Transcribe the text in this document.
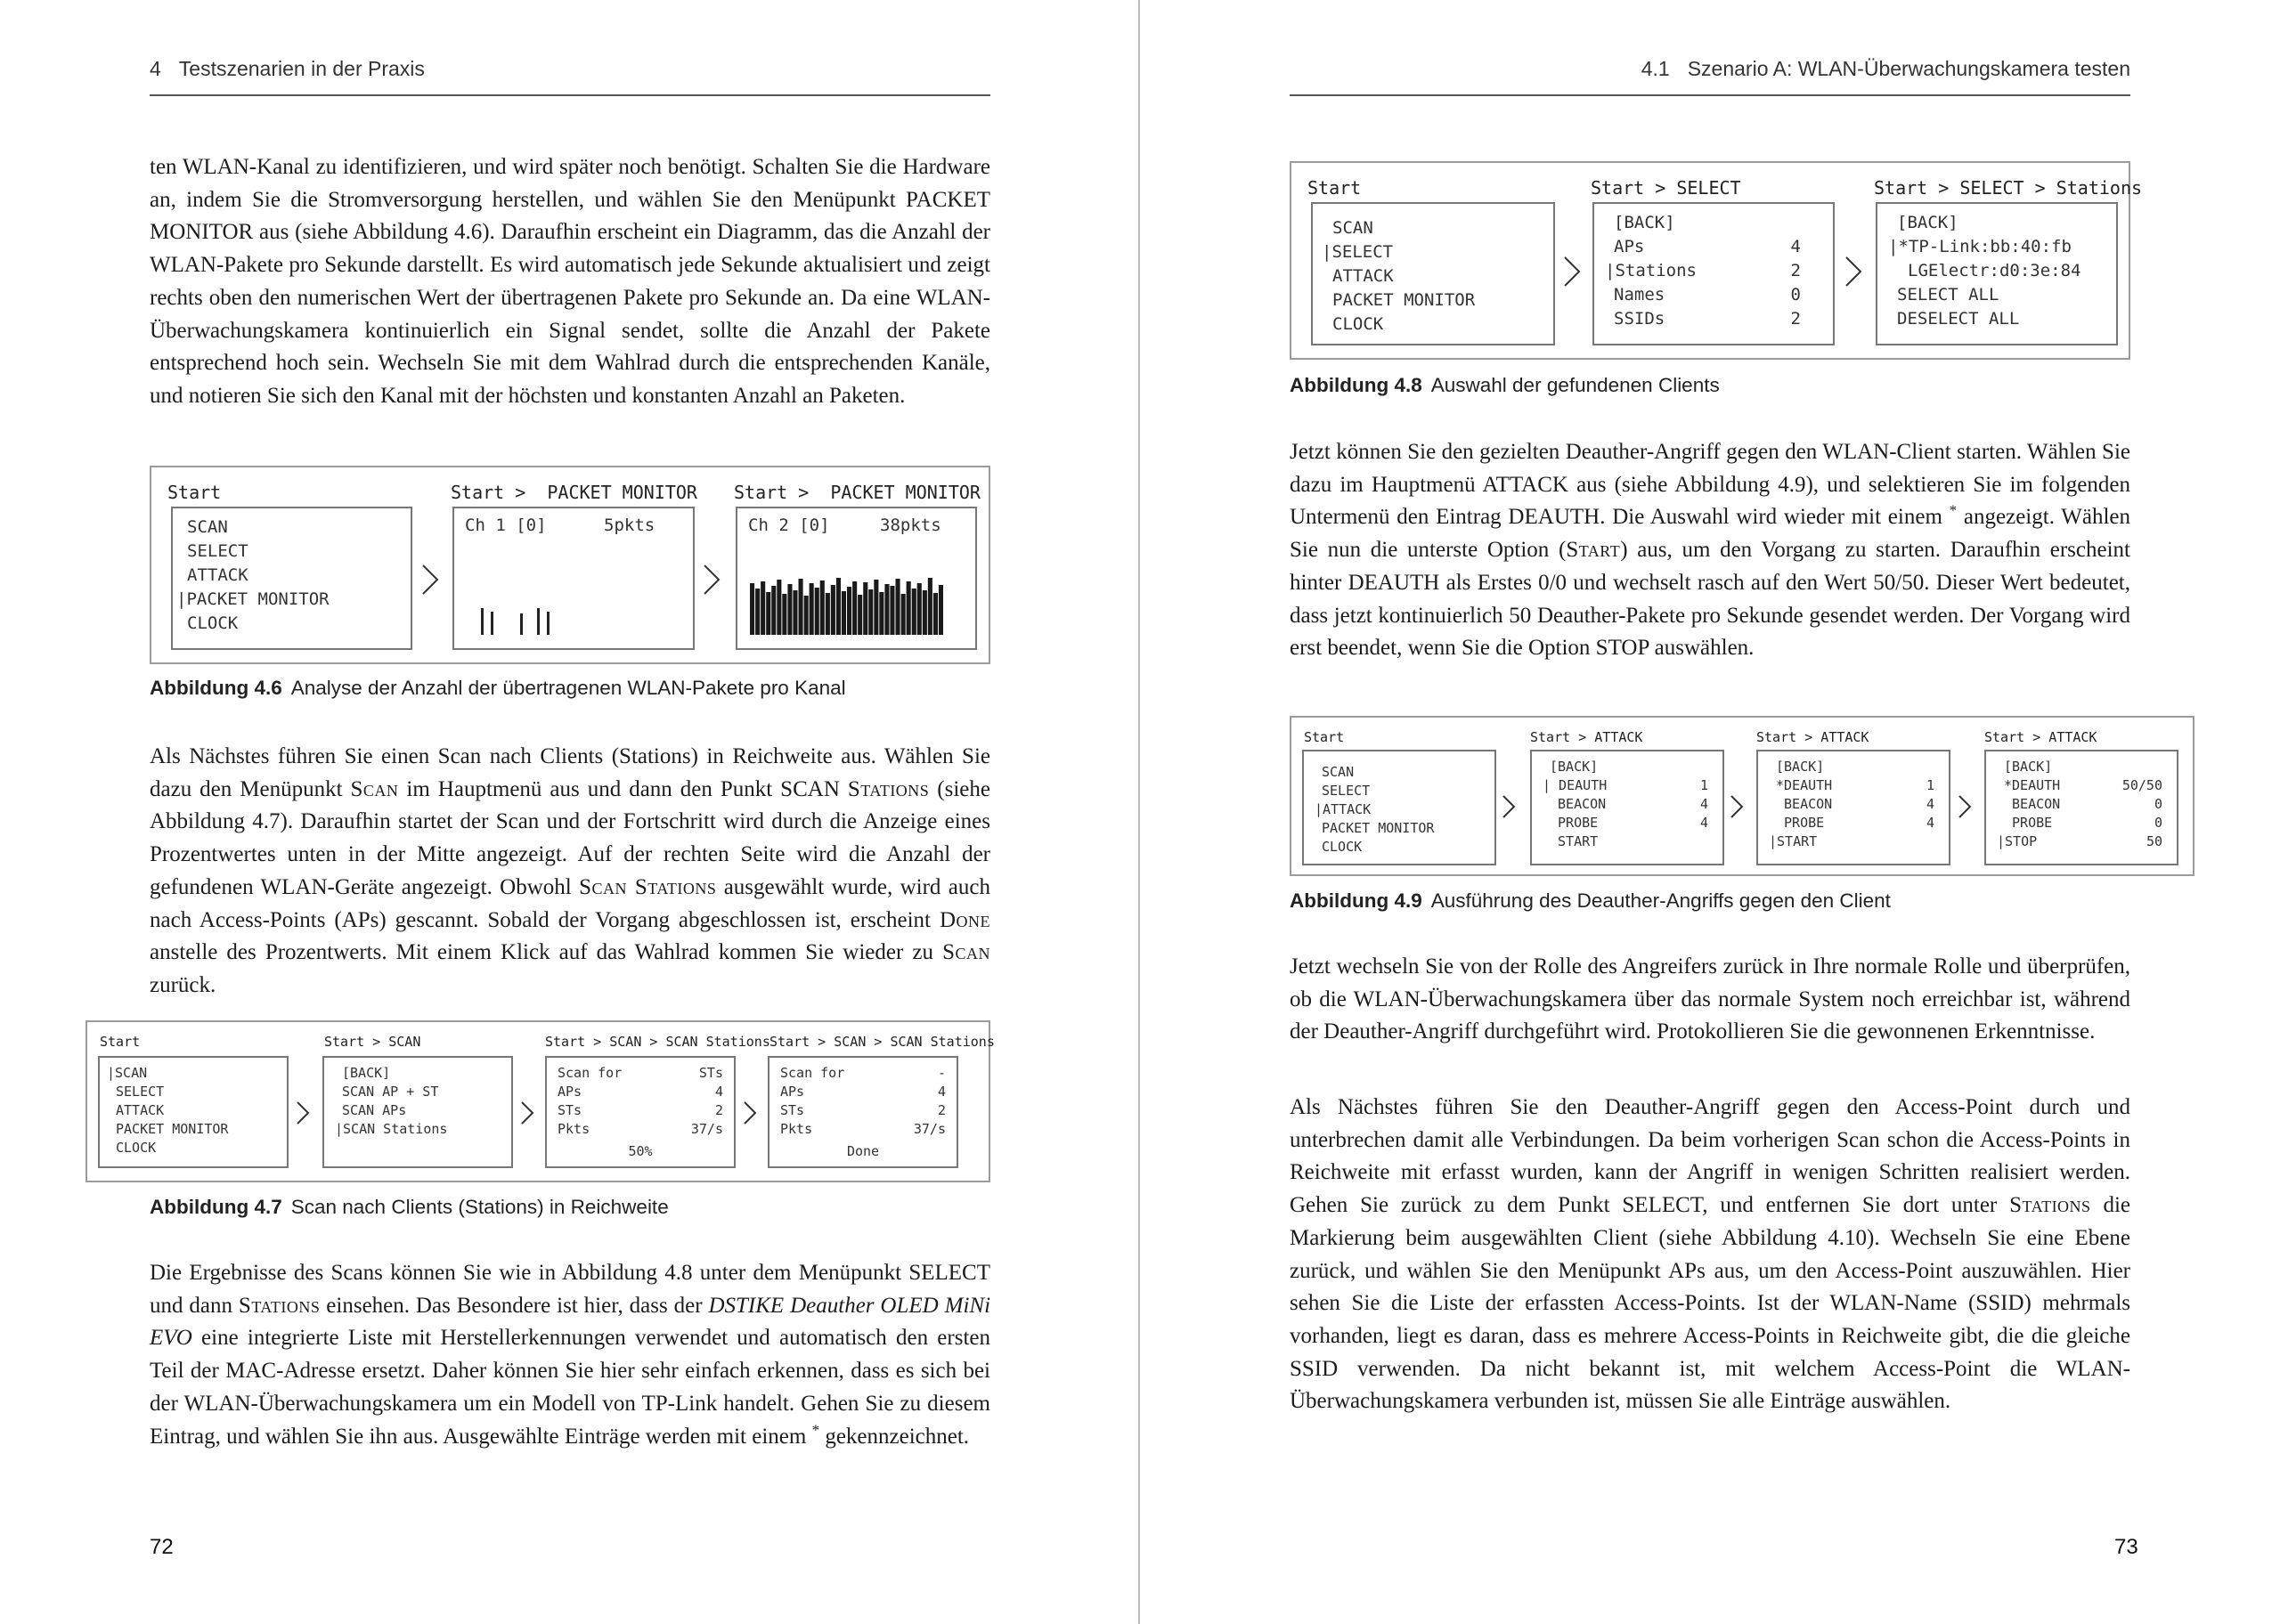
4 Testszenarien in der Praxis

ten WLAN-Kanal zu identifizieren, und wird später noch benötigt. Schalten Sie die Hardware an, indem Sie die Stromversorgung herstellen, und wählen Sie den Menüpunkt PACKET MONITOR aus (siehe Abbildung 4.6). Daraufhin erscheint ein Diagramm, das die Anzahl der WLAN-Pakete pro Sekunde darstellt. Es wird automatisch jede Sekunde aktualisiert und zeigt rechts oben den numerischen Wert der übertragenen Pakete pro Sekunde an. Da eine WLAN-Überwachungskamera kontinuierlich ein Signal sendet, sollte die Anzahl der Pakete entsprechend hoch sein. Wechseln Sie mit dem Wahlrad durch die entsprechenden Kanäle, und notieren Sie sich den Kanal mit der höchsten und konstanten Anzahl an Paketen.

Start
SCAN
SELECT
ATTACK
|PACKET MONITOR
CLOCK
Start >  PACKET MONITOR
Ch 1 [0]	5pkts
Start >  PACKET MONITOR
Ch 2 [0]	38pkts
Abbildung 4.6 Analyse der Anzahl der übertragenen WLAN-Pakete pro Kanal

Als Nächstes führen Sie einen Scan nach Clients (Stations) in Reichweite aus. Wählen Sie dazu den Menüpunkt Scan im Hauptmenü aus und dann den Punkt SCAN Stations (siehe Abbildung 4.7). Daraufhin startet der Scan und der Fortschritt wird durch die Anzeige eines Prozentwertes unten in der Mitte angezeigt. Auf der rechten Seite wird die Anzahl der gefundenen WLAN-Geräte angezeigt. Obwohl Scan Stations ausgewählt wurde, wird auch nach Access-Points (APs) gescannt. Sobald der Vorgang abgeschlossen ist, erscheint Done anstelle des Prozentwerts. Mit einem Klick auf das Wahlrad kommen Sie wieder zu Scan zurück.

Start
|SCAN
SELECT
ATTACK
PACKET MONITOR
CLOCK
Start > SCAN
[BACK]
SCAN AP + ST
SCAN APs
|SCAN Stations
Start > SCAN > SCAN Stations
Scan for	STs
APs	4
STs	2
Pkts	37/s
50%
Start > SCAN > SCAN Stations
Scan for	-
APs	4
STs	2
Pkts	37/s
Done
Abbildung 4.7 Scan nach Clients (Stations) in Reichweite

Die Ergebnisse des Scans können Sie wie in Abbildung 4.8 unter dem Menüpunkt SELECT und dann Stations einsehen. Das Besondere ist hier, dass der DSTIKE Deauther OLED MiNi EVO eine integrierte Liste mit Herstellerkennungen verwendet und automatisch den ersten Teil der MAC-Adresse ersetzt. Daher können Sie hier sehr einfach erkennen, dass es sich bei der WLAN-Überwachungskamera um ein Modell von TP-Link handelt. Gehen Sie zu diesem Eintrag, und wählen Sie ihn aus. Ausgewählte Einträge werden mit einem * gekennzeichnet.

72
4.1 Szenario A: WLAN-Überwachungskamera testen
Start
SCAN
|SELECT
ATTACK
PACKET MONITOR
CLOCK
Start > SELECT
[BACK]
APs	4
|Stations	2
Names	0
SSIDs	2
Start > SELECT > Stations
[BACK]
|*TP-Link:bb:40:fb
LGElectr:d0:3e:84
SELECT ALL
DESELECT ALL
Abbildung 4.8 Auswahl der gefundenen Clients

Jetzt können Sie den gezielten Deauther-Angriff gegen den WLAN-Client starten. Wählen Sie dazu im Hauptmenü ATTACK aus (siehe Abbildung 4.9), und selektieren Sie im folgenden Untermenü den Eintrag DEAUTH. Die Auswahl wird wieder mit einem * angezeigt. Wählen Sie nun die unterste Option (Start) aus, um den Vorgang zu starten. Daraufhin erscheint hinter DEAUTH als Erstes 0/0 und wechselt rasch auf den Wert 50/50. Dieser Wert bedeutet, dass jetzt kontinuierlich 50 Deauther-Pakete pro Sekunde gesendet werden. Der Vorgang wird erst beendet, wenn Sie die Option STOP auswählen.

Start
SCAN
SELECT
|ATTACK
PACKET MONITOR
CLOCK
Start > ATTACK
[BACK]
| DEAUTH	1
BEACON	4
PROBE	4
START
Start > ATTACK
[BACK]
*DEAUTH	1
BEACON	4
PROBE	4
|START
Start > ATTACK
[BACK]
*DEAUTH	50/50
BEACON	0
PROBE	0
|STOP	50
Abbildung 4.9 Ausführung des Deauther-Angriffs gegen den Client

Jetzt wechseln Sie von der Rolle des Angreifers zurück in Ihre normale Rolle und überprüfen, ob die WLAN-Überwachungskamera über das normale System noch erreichbar ist, während der Deauther-Angriff durchgeführt wird. Protokollieren Sie die gewonnenen Erkenntnisse.

Als Nächstes führen Sie den Deauther-Angriff gegen den Access-Point durch und unterbrechen damit alle Verbindungen. Da beim vorherigen Scan schon die Access-Points in Reichweite mit erfasst wurden, kann der Angriff in wenigen Schritten realisiert werden. Gehen Sie zurück zu dem Punkt SELECT, und entfernen Sie dort unter Stations die Markierung beim ausgewählten Client (siehe Abbildung 4.10). Wechseln Sie eine Ebene zurück, und wählen Sie den Menüpunkt APs aus, um den Access-Point auszuwählen. Hier sehen Sie die Liste der erfassten Access-Points. Ist der WLAN-Name (SSID) mehrmals vorhanden, liegt es daran, dass es mehrere Access-Points in Reichweite gibt, die die gleiche SSID verwenden. Da nicht bekannt ist, mit welchem Access-Point die WLAN-Überwachungskamera verbunden ist, müssen Sie alle Einträge auswählen.

73
